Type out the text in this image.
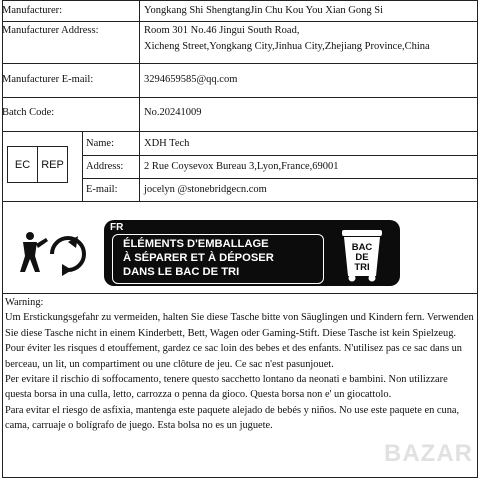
Manufacturer:	Yongkang Shi ShengtangJin Chu Kou You Xian Gong Si
Manufacturer Address:	Room 301 No.46 Jingui South Road,
Xicheng Street,Yongkang City,Jinhua City,Zhejiang Province,China
Manufacturer E-mail:	3294659585@qq.com
Batch Code:	No.20241009
EC	REP
Name:	XDH Tech
Address: 2 Rue Coysevox Bureau 3,Lyon,France,69001
E-mail:	jocelyn @stonebridgecn.com
FR
ÉLÉMENTS D'EMBALLAGE
À SÉPARER ET À DÉPOSER
DANS LE BAC DE TRI
BAC
DE
TRI

Warning:

Um Erstickungsgefahr zu vermeiden, halten Sie diese Tasche bitte von Säuglingen und Kindern fern. Verwenden Sie diese Tasche nicht in einem Kinderbett, Bett, Wagen oder Gaming-Stift. Diese Tasche ist kein Spielzeug.

Pour éviter les risques d etouffement, gardez ce sac loin des bebes et des enfants. N'utilisez pas ce sac dans un berceau, un lit, un compartiment ou une clôture de jeu. Ce sac n'est pasunjouet.

Per evitare il rischio di soffocamento, tenere questo sacchetto lontano da neonati e bambini. Non utilizzare questa borsa in una culla, letto, carrozza o penna da gioco. Questa borsa non e' un giocattolo.

Para evitar el riesgo de asfixia, mantenga este paquete alejado de bebés y niños. No use este paquete en cuna, cama, carruaje o bolígrafo de juego. Esta bolsa no es un juguete.

BAZAR
